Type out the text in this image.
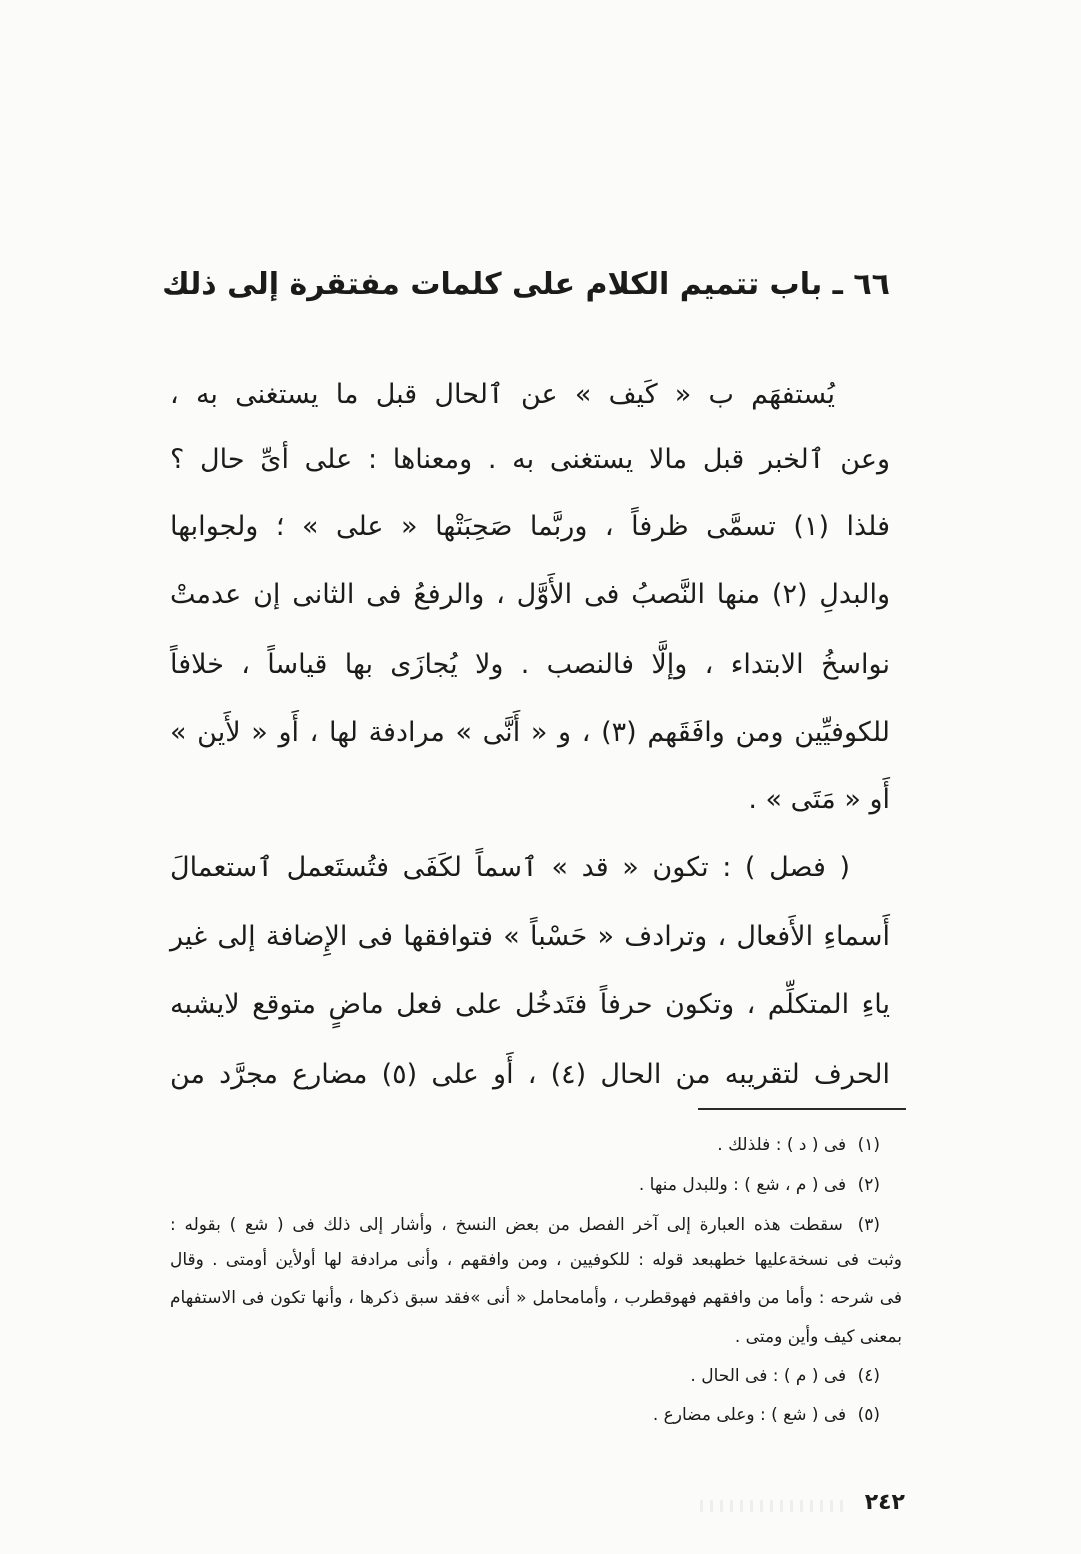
٦٦ ـ باب تتميم الكلام على كلمات مفتقرة إلى ذلك
يُستفهَم ب « كَيف » عن ٱلحال قبل ما يستغنى به ،
وعن ٱلخبر قبل مالا يستغنى به . ومعناها : على أىِّ حال ؟
فلذا (١) تسمَّى ظرفاً ، وربَّما صَحِبَتْها « على » ؛ ولجوابها
والبدلِ (٢) منها النَّصبُ فى الأَوَّل ، والرفعُ فى الثانى إن عدمتْ
نواسخُ الابتداء ، وإلَّا فالنصب . ولا يُجازَى بها قياساً ، خلافاً
للكوفيِّين ومن وافَقَهم (٣) ، و « أَنَّى » مرادفة لها ، أَو « لأَين »
أَو « مَتَى » .
( فصل ) : تكون « قد » ٱسماً لكَفَى فتُستَعمل ٱستعمالَ
أَسماءِ الأَفعال ، وترادف « حَسْباً » فتوافقها فى الإِضافة إلى غير
ياءِ المتكلِّم ، وتكون حرفاً فتَدخُل على فعل ماضٍ متوقع لايشبه
الحرف لتقريبه من الحال (٤) ، أَو على (٥) مضارع مجرَّد من
(١) فى ( د ) : فلذلك .
(٢) فى ( م ، شع ) : وللبدل منها .
(٣) سقطت هذه العبارة إلى آخر الفصل من بعض النسخ ، وأشار إلى ذلك فى ( شع ) بقوله :
وثبت فى نسخةعليها خطهبعد قوله : للكوفيين ، ومن وافقهم ، وأنى مرادفة لها أولأين أومتى . وقال
فى شرحه : وأما من وافقهم فهوقطرب ، وأمامحامل « أنى »فقد سبق ذكرها ، وأنها تكون فى الاستفهام
بمعنى كيف وأين ومتى .
(٤) فى ( م ) : فى الحال .
(٥) فى ( شع ) : وعلى مضارع .
٢٤٢
